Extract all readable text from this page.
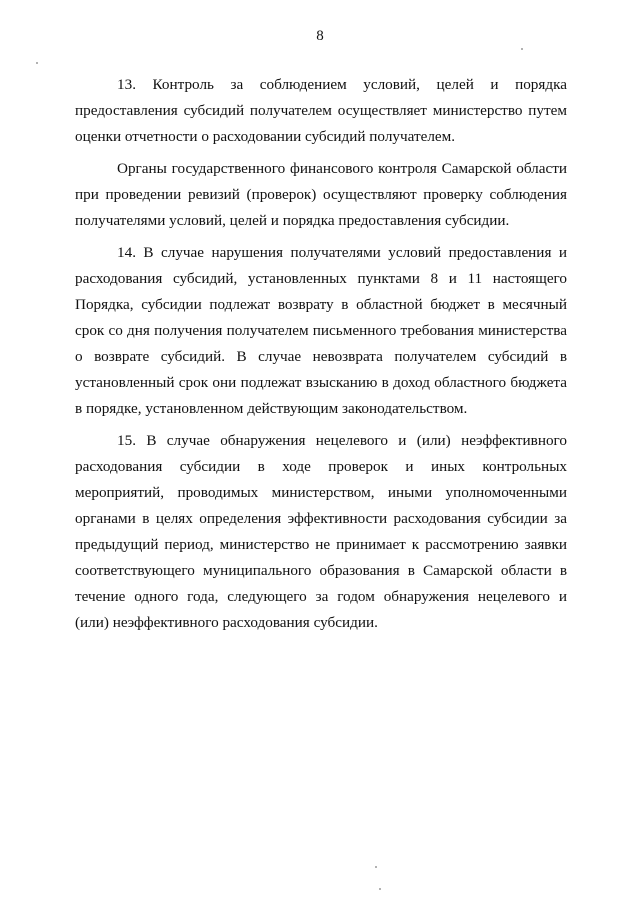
8
13. Контроль за соблюдением условий, целей и порядка
предоставления субсидий получателем осуществляет министерство путем
оценки отчетности о расходовании субсидий получателем.
Органы государственного финансового контроля Самарской области
при проведении ревизий (проверок) осуществляют проверку соблюдения
получателями условий, целей и порядка предоставления субсидии.
14. В случае нарушения получателями условий предоставления и
расходования субсидий, установленных пунктами 8 и 11 настоящего
Порядка, субсидии подлежат возврату в областной бюджет в месячный
срок со дня получения получателем письменного требования министерства
о возврате субсидий. В случае невозврата получателем субсидий в
установленный срок они подлежат взысканию в доход областного бюджета
в порядке, установленном действующим законодательством.
15. В случае обнаружения нецелевого и (или) неэффективного
расходования субсидии в ходе проверок и иных контрольных
мероприятий, проводимых министерством, иными уполномоченными
органами в целях определения эффективности расходования субсидии за
предыдущий период, министерство не принимает к рассмотрению заявки
соответствующего муниципального образования в Самарской области в
течение одного года, следующего за годом обнаружения нецелевого и
(или) неэффективного расходования субсидии.
